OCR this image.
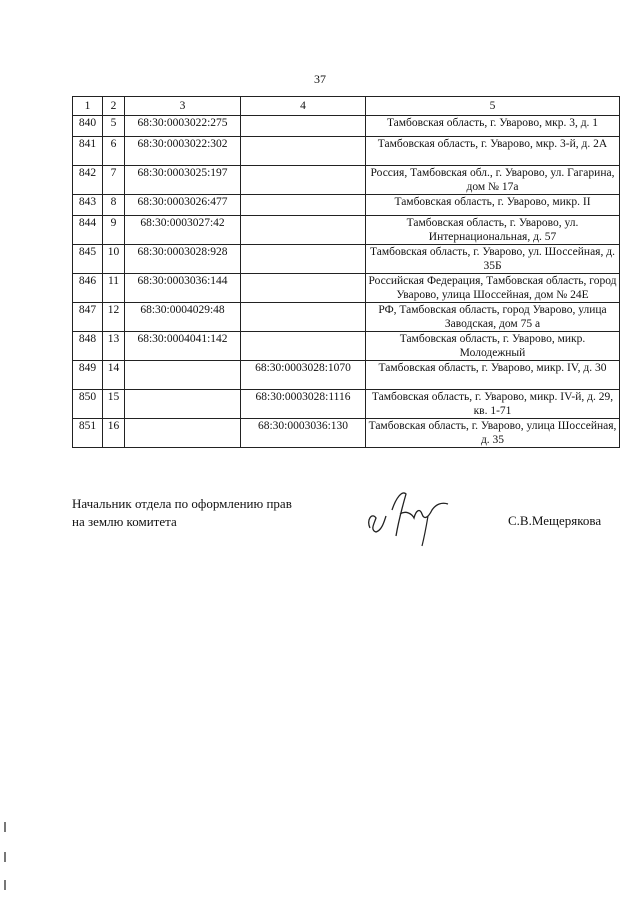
37
1	2	3	4	5
840	5	68:30:0003022:275		Тамбовская область, г. Уварово, мкр. 3, д. 1
841	6	68:30:0003022:302		Тамбовская область, г. Уварово, мкр. 3-й, д. 2А
842	7	68:30:0003025:197		Россия, Тамбовская обл., г. Уварово, ул. Гагарина, дом № 17а
843	8	68:30:0003026:477		Тамбовская область, г. Уварово, микр. II
844	9	68:30:0003027:42		Тамбовская область, г. Уварово, ул. Интернациональная, д. 57
845	10	68:30:0003028:928		Тамбовская область, г. Уварово, ул. Шоссейная, д. 35Б
846	11	68:30:0003036:144		Российская Федерация, Тамбовская область, город Уварово, улица Шоссейная, дом № 24Е
847	12	68:30:0004029:48		РФ, Тамбовская область, город Уварово, улица Заводская, дом 75 а
848	13	68:30:0004041:142		Тамбовская область, г. Уварово, микр. Молодежный
849	14		68:30:0003028:1070	Тамбовская область, г. Уварово, микр. IV, д. 30
850	15		68:30:0003028:1116	Тамбовская область, г. Уварово, микр. IV-й, д. 29, кв. 1-71
851	16		68:30:0003036:130	Тамбовская область, г. Уварово, улица Шоссейная, д. 35
Начальник отдела по оформлению прав
на землю комитета	С.В.Мещерякова
